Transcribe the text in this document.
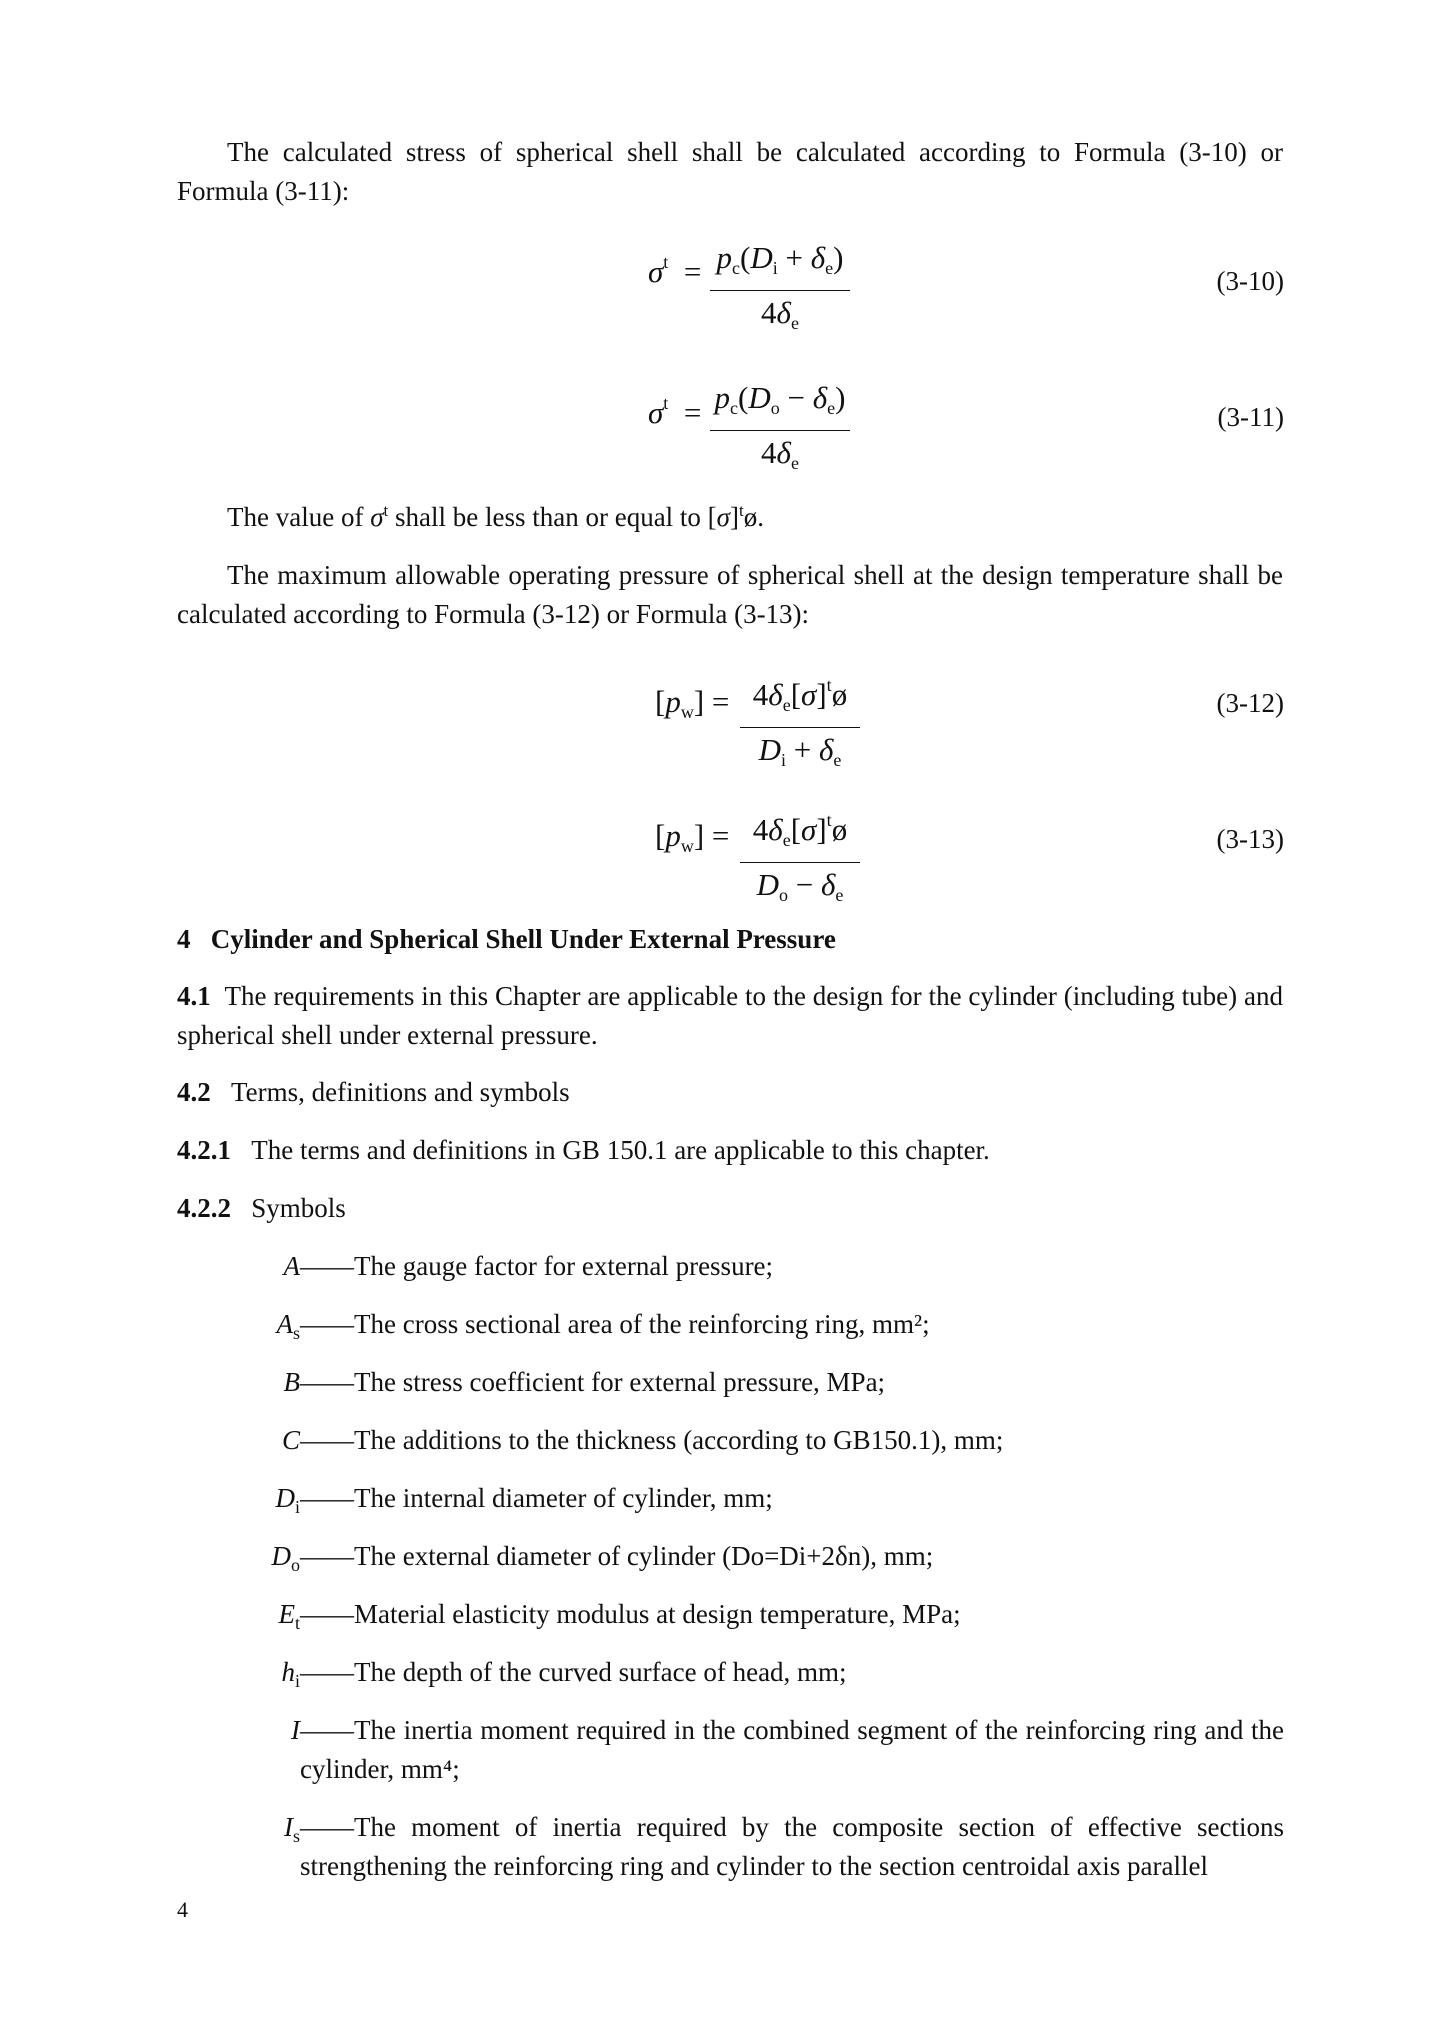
The calculated stress of spherical shell shall be calculated according to Formula (3-10) or Formula (3-11):
$\sigma^t = p_c(D_i + \delta_e)$
$4\delta_e$
(3-10)
$\sigma^t = p_c(D_o - \delta_e)$
$4\delta_e$
(3-11)
The value of $\sigma^t$ shall be less than or equal to $[\sigma]^tø$.
The maximum allowable operating pressure of spherical shell at the design temperature shall be calculated according to Formula (3-12) or Formula (3-13):
$[p_w]$ = $4\delta_e[\sigma]^tø$
$D_i + \delta_e$
(3-12)
$[p_w]$ = $4\delta_e[\sigma]^tø$
$D_o - \delta_e$
(3-13)
4 Cylinder and Spherical Shell Under External Pressure
4.1 The requirements in this Chapter are applicable to the design for the cylinder (including tube) and spherical shell under external pressure.
4.2 Terms, definitions and symbols
4.2.1 The terms and definitions in GB 150.1 are applicable to this chapter.
4.2.2 Symbols
A ——The gauge factor for external pressure;
$A_s$ ——The cross sectional area of the reinforcing ring, mm²;
B ——The stress coefficient for external pressure, MPa;
C ——The additions to the thickness (according to GB150.1), mm;
$D_i$ ——The internal diameter of cylinder, mm;
$D_o$ ——The external diameter of cylinder (Do=Di+2δn), mm;
$E_t$ ——Material elasticity modulus at design temperature, MPa;
$h_i$ ——The depth of the curved surface of head, mm;
I ——The inertia moment required in the combined segment of the reinforcing ring and the cylinder, mm⁴;
$I_s$ ——The moment of inertia required by the composite section of effective sections strengthening the reinforcing ring and cylinder to the section centroidal axis parallel
4
